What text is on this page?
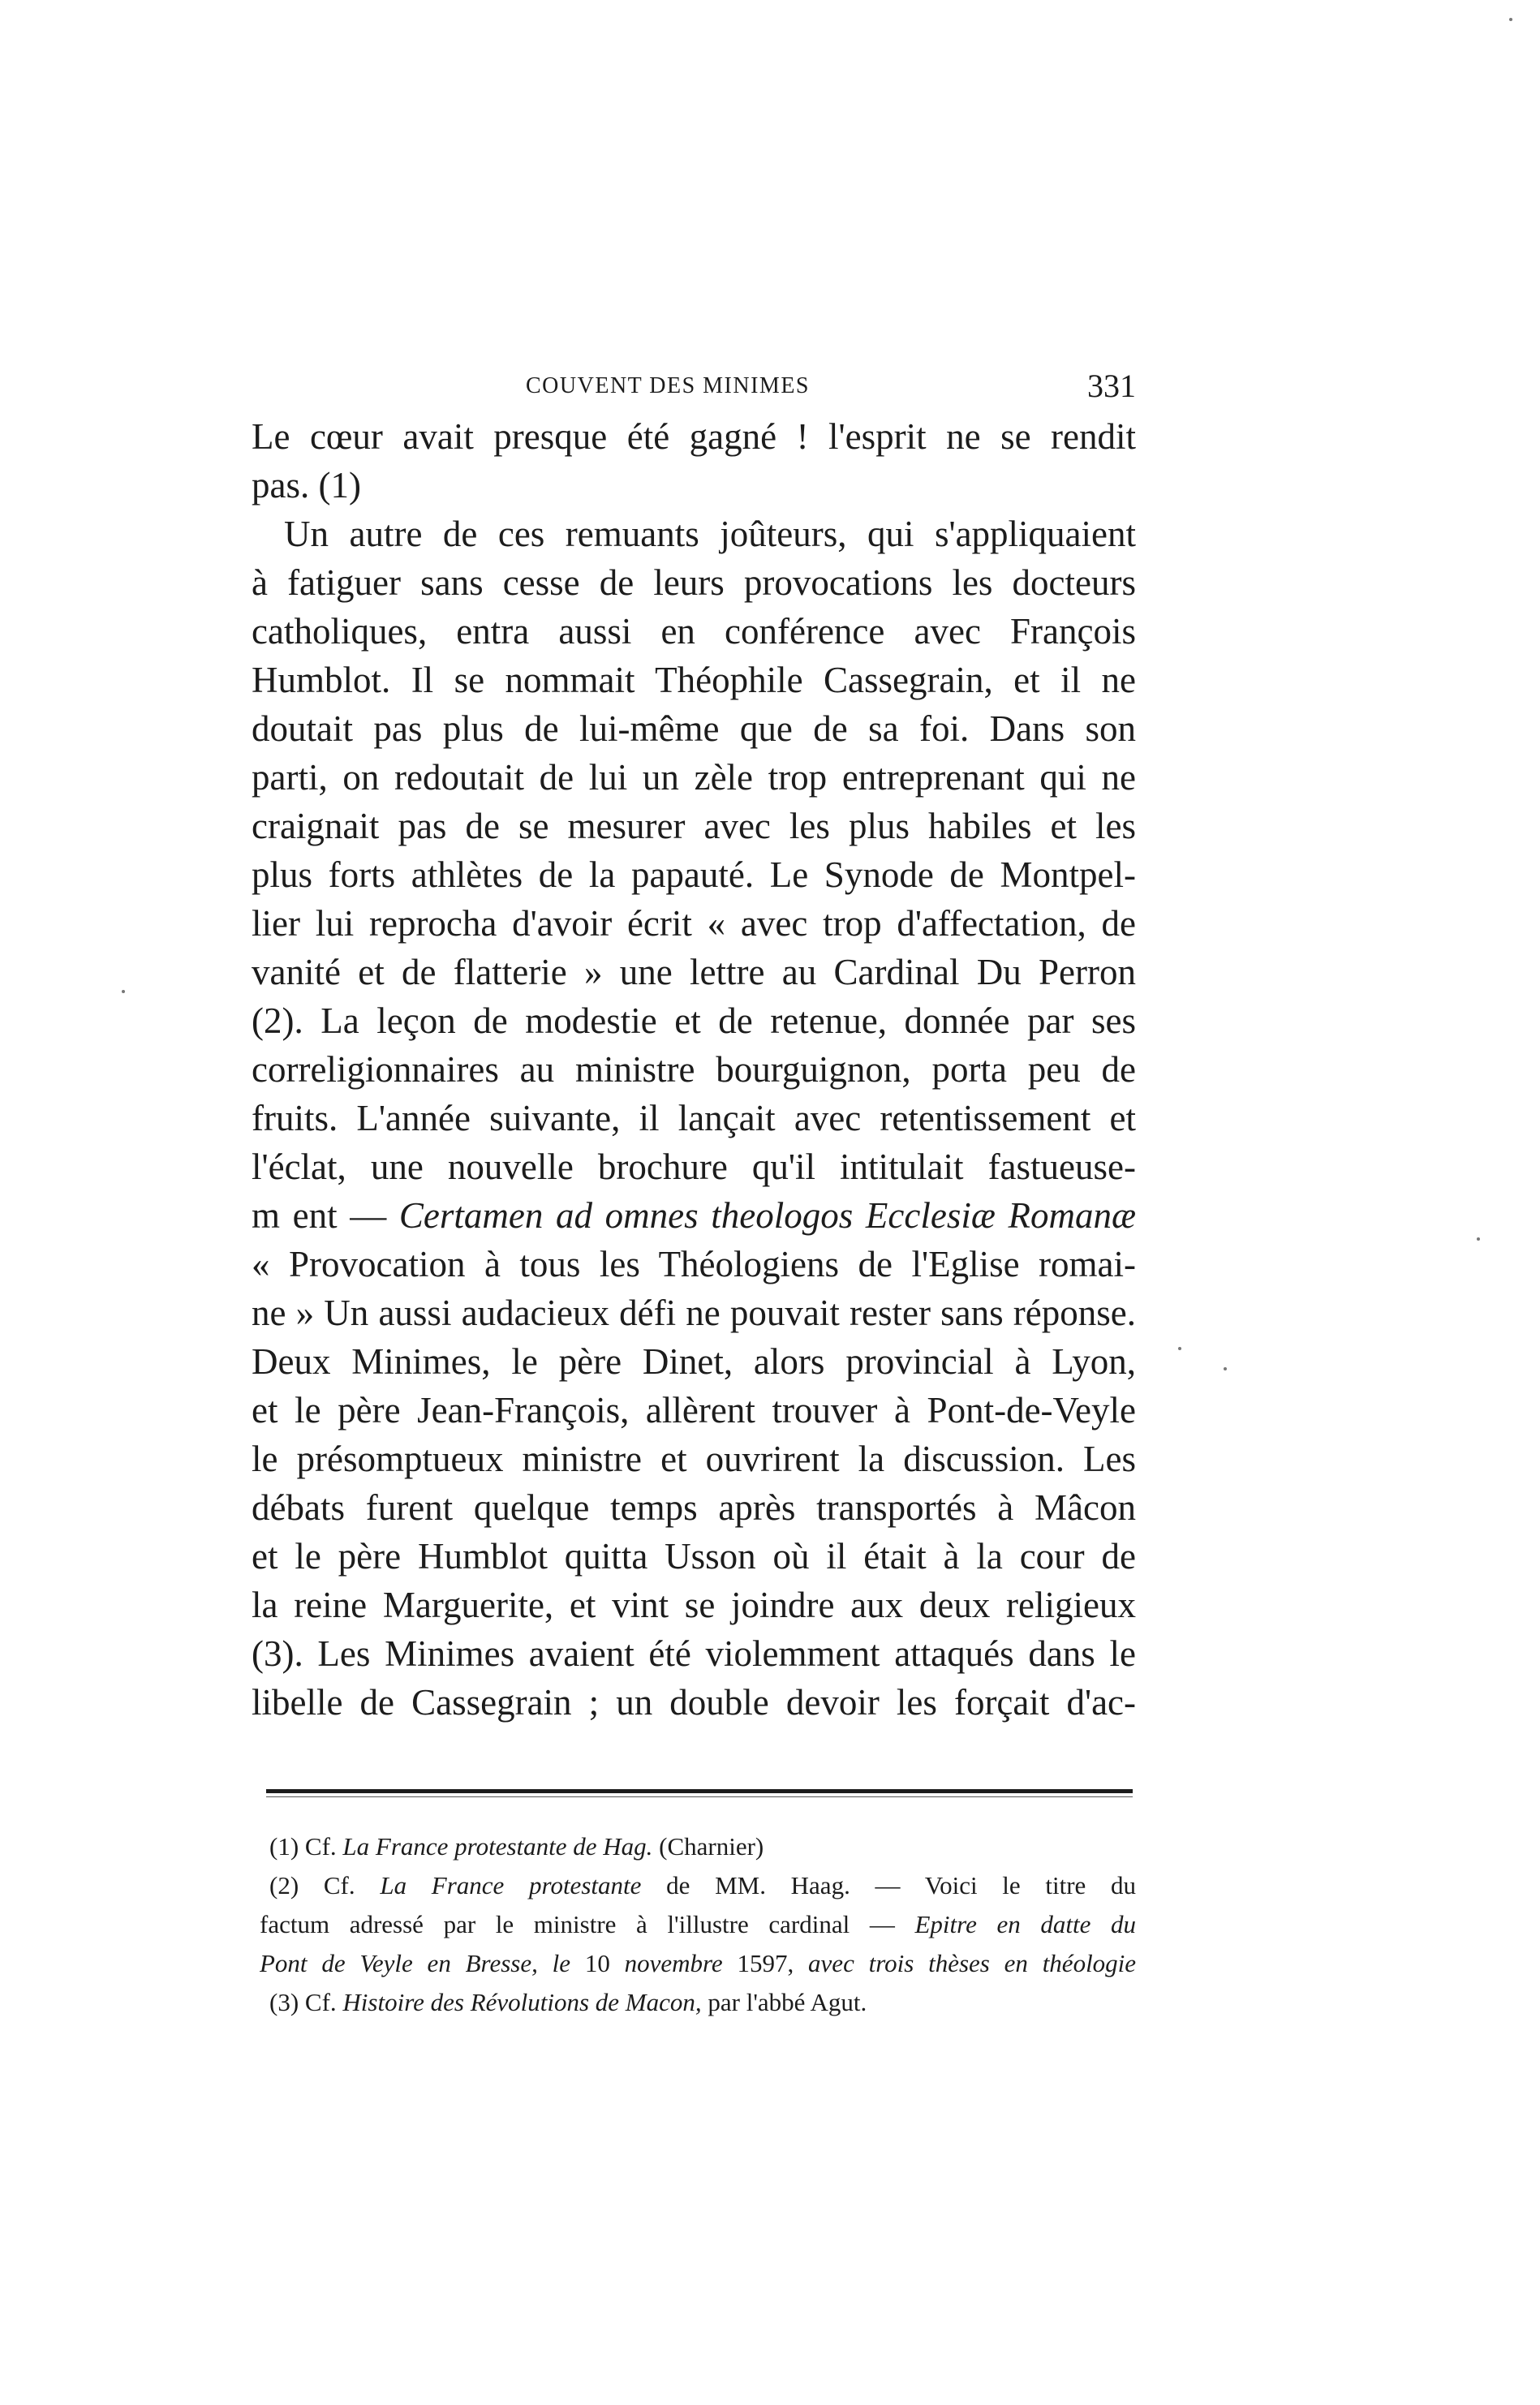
COUVENT DES MINIMES	331
Le cœur avait presque été gagné ! l'esprit ne se rendit
pas. (1)
Un autre de ces remuants joûteurs, qui s'appliquaient
à fatiguer sans cesse de leurs provocations les docteurs
catholiques, entra aussi en conférence avec François
Humblot. Il se nommait Théophile Cassegrain, et il ne
doutait pas plus de lui-même que de sa foi. Dans son
parti, on redoutait de lui un zèle trop entreprenant qui ne
craignait pas de se mesurer avec les plus habiles et les
plus forts athlètes de la papauté. Le Synode de Montpel-
lier lui reprocha d'avoir écrit « avec trop d'affectation, de
vanité et de flatterie » une lettre au Cardinal Du Perron
(2). La leçon de modestie et de retenue, donnée par ses
correligionnaires au ministre bourguignon, porta peu de
fruits. L'année suivante, il lançait avec retentissement et
l'éclat, une nouvelle brochure qu'il intitulait fastueuse-
m ent — Certamen ad omnes theologos Ecclesiæ Romanæ
« Provocation à tous les Théologiens de l'Eglise romai-
ne » Un aussi audacieux défi ne pouvait rester sans réponse.
Deux Minimes, le père Dinet, alors provincial à Lyon,
et le père Jean-François, allèrent trouver à Pont-de-Veyle
le présomptueux ministre et ouvrirent la discussion. Les
débats furent quelque temps après transportés à Mâcon
et le père Humblot quitta Usson où il était à la cour de
la reine Marguerite, et vint se joindre aux deux religieux
(3). Les Minimes avaient été violemment attaqués dans le
libelle de Cassegrain ; un double devoir les forçait d'ac-
(1) Cf. La France protestante de Hag. (Charnier)
(2) Cf. La France protestante de MM. Haag. — Voici le titre du
factum adressé par le ministre à l'illustre cardinal — Epitre en datte du
Pont de Veyle en Bresse, le 10 novembre 1597, avec trois thèses en théologie
(3) Cf. Histoire des Révolutions de Macon, par l'abbé Agut.
